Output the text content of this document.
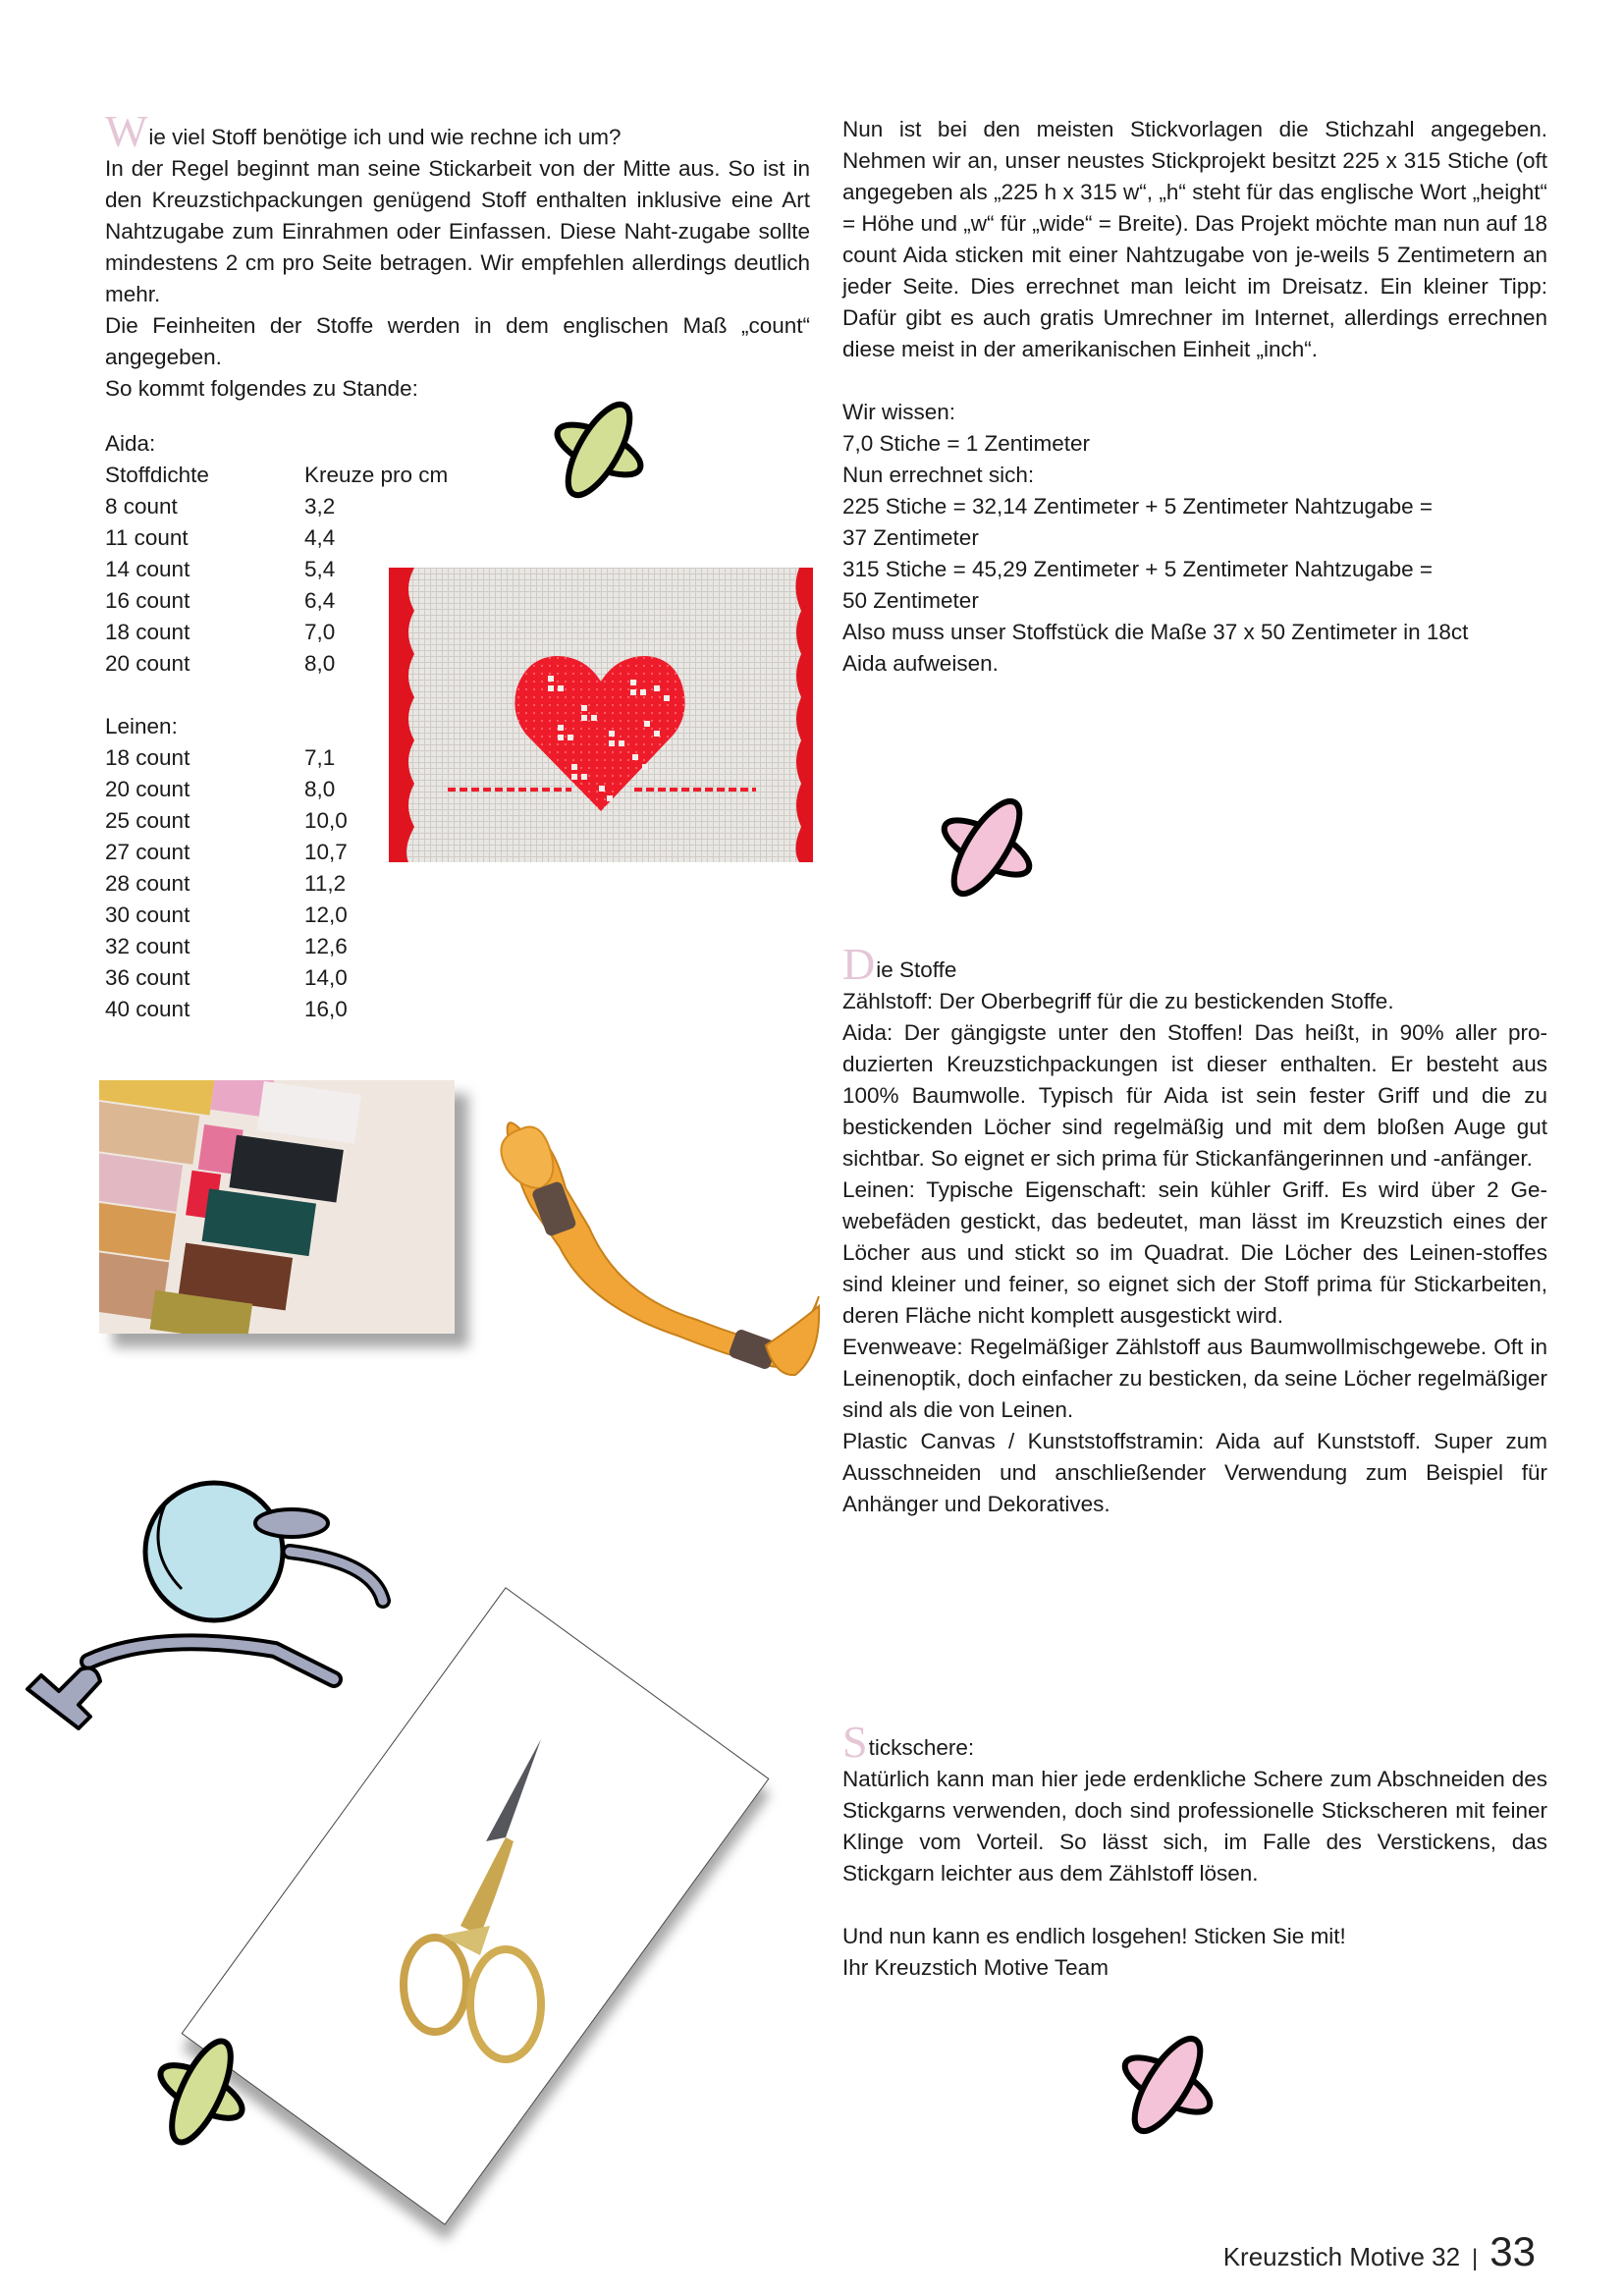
Wie viel Stoff benötige ich und wie rechne ich um?

In der Regel beginnt man seine Stickarbeit von der Mitte aus. So ist in den Kreuzstichpackungen genügend Stoff enthalten inklusive eine Art Nahtzugabe zum Einrahmen oder Einfassen. Diese Naht-zugabe sollte mindestens 2 cm pro Seite betragen. Wir empfehlen allerdings deutlich mehr.

Die Feinheiten der Stoffe werden in dem englischen Maß „count“ angegeben.

So kommt folgendes zu Stande:

Aida:
Stoffdichte	Kreuze pro cm
8 count	3,2
11 count	4,4
14 count	5,4
16 count	6,4
18 count	7,0
20 count	8,0
Leinen:
18 count	7,1
20 count	8,0
25 count	10,0
27 count	10,7
28 count	11,2
30 count	12,0
32 count	12,6
36 count	14,0
40 count	16,0

Nun ist bei den meisten Stickvorlagen die Stichzahl angegeben. Nehmen wir an, unser neustes Stickprojekt besitzt 225 x 315 Stiche (oft angegeben als „225 h x 315 w“, „h“ steht für das englische Wort „height“ = Höhe und „w“ für „wide“ = Breite). Das Projekt möchte man nun auf 18 count Aida sticken mit einer Nahtzugabe von je-weils 5 Zentimetern an jeder Seite. Dies errechnet man leicht im Dreisatz. Ein kleiner Tipp: Dafür gibt es auch gratis Umrechner im Internet, allerdings errechnen diese meist in der amerikanischen Einheit „inch“.

Wir wissen:

7,0 Stiche = 1 Zentimeter

Nun errechnet sich:

225 Stiche = 32,14 Zentimeter + 5 Zentimeter Nahtzugabe =

37 Zentimeter

315 Stiche = 45,29 Zentimeter + 5 Zentimeter Nahtzugabe =

50 Zentimeter

Also muss unser Stoffstück die Maße 37 x 50 Zentimeter in 18ct

Aida aufweisen.

Die Stoffe

Zählstoff: Der Oberbegriff für die zu bestickenden Stoffe.

Aida: Der gängigste unter den Stoffen! Das heißt, in 90% aller pro-duzierten Kreuzstichpackungen ist dieser enthalten. Er besteht aus 100% Baumwolle. Typisch für Aida ist sein fester Griff und die zu bestickenden Löcher sind regelmäßig und mit dem bloßen Auge gut sichtbar. So eignet er sich prima für Stickanfängerinnen und -anfänger.

Leinen: Typische Eigenschaft: sein kühler Griff. Es wird über 2 Ge-webefäden gestickt, das bedeutet, man lässt im Kreuzstich eines der Löcher aus und stickt so im Quadrat. Die Löcher des Leinen-stoffes sind kleiner und feiner, so eignet sich der Stoff prima für Stickarbeiten, deren Fläche nicht komplett ausgestickt wird.

Evenweave: Regelmäßiger Zählstoff aus Baumwollmischgewebe. Oft in Leinenoptik, doch einfacher zu besticken, da seine Löcher regelmäßiger sind als die von Leinen.

Plastic Canvas / Kunststoffstramin: Aida auf Kunststoff. Super zum Ausschneiden und anschließender Verwendung zum Beispiel für Anhänger und Dekoratives.

Stickschere:

Natürlich kann man hier jede erdenkliche Schere zum Abschneiden des Stickgarns verwenden, doch sind professionelle Stickscheren mit feiner Klinge vom Vorteil. So lässt sich, im Falle des Verstickens, das Stickgarn leichter aus dem Zählstoff lösen.

Und nun kann es endlich losgehen! Sticken Sie mit!

Ihr Kreuzstich Motive Team

Kreuzstich Motive 32 | 33
